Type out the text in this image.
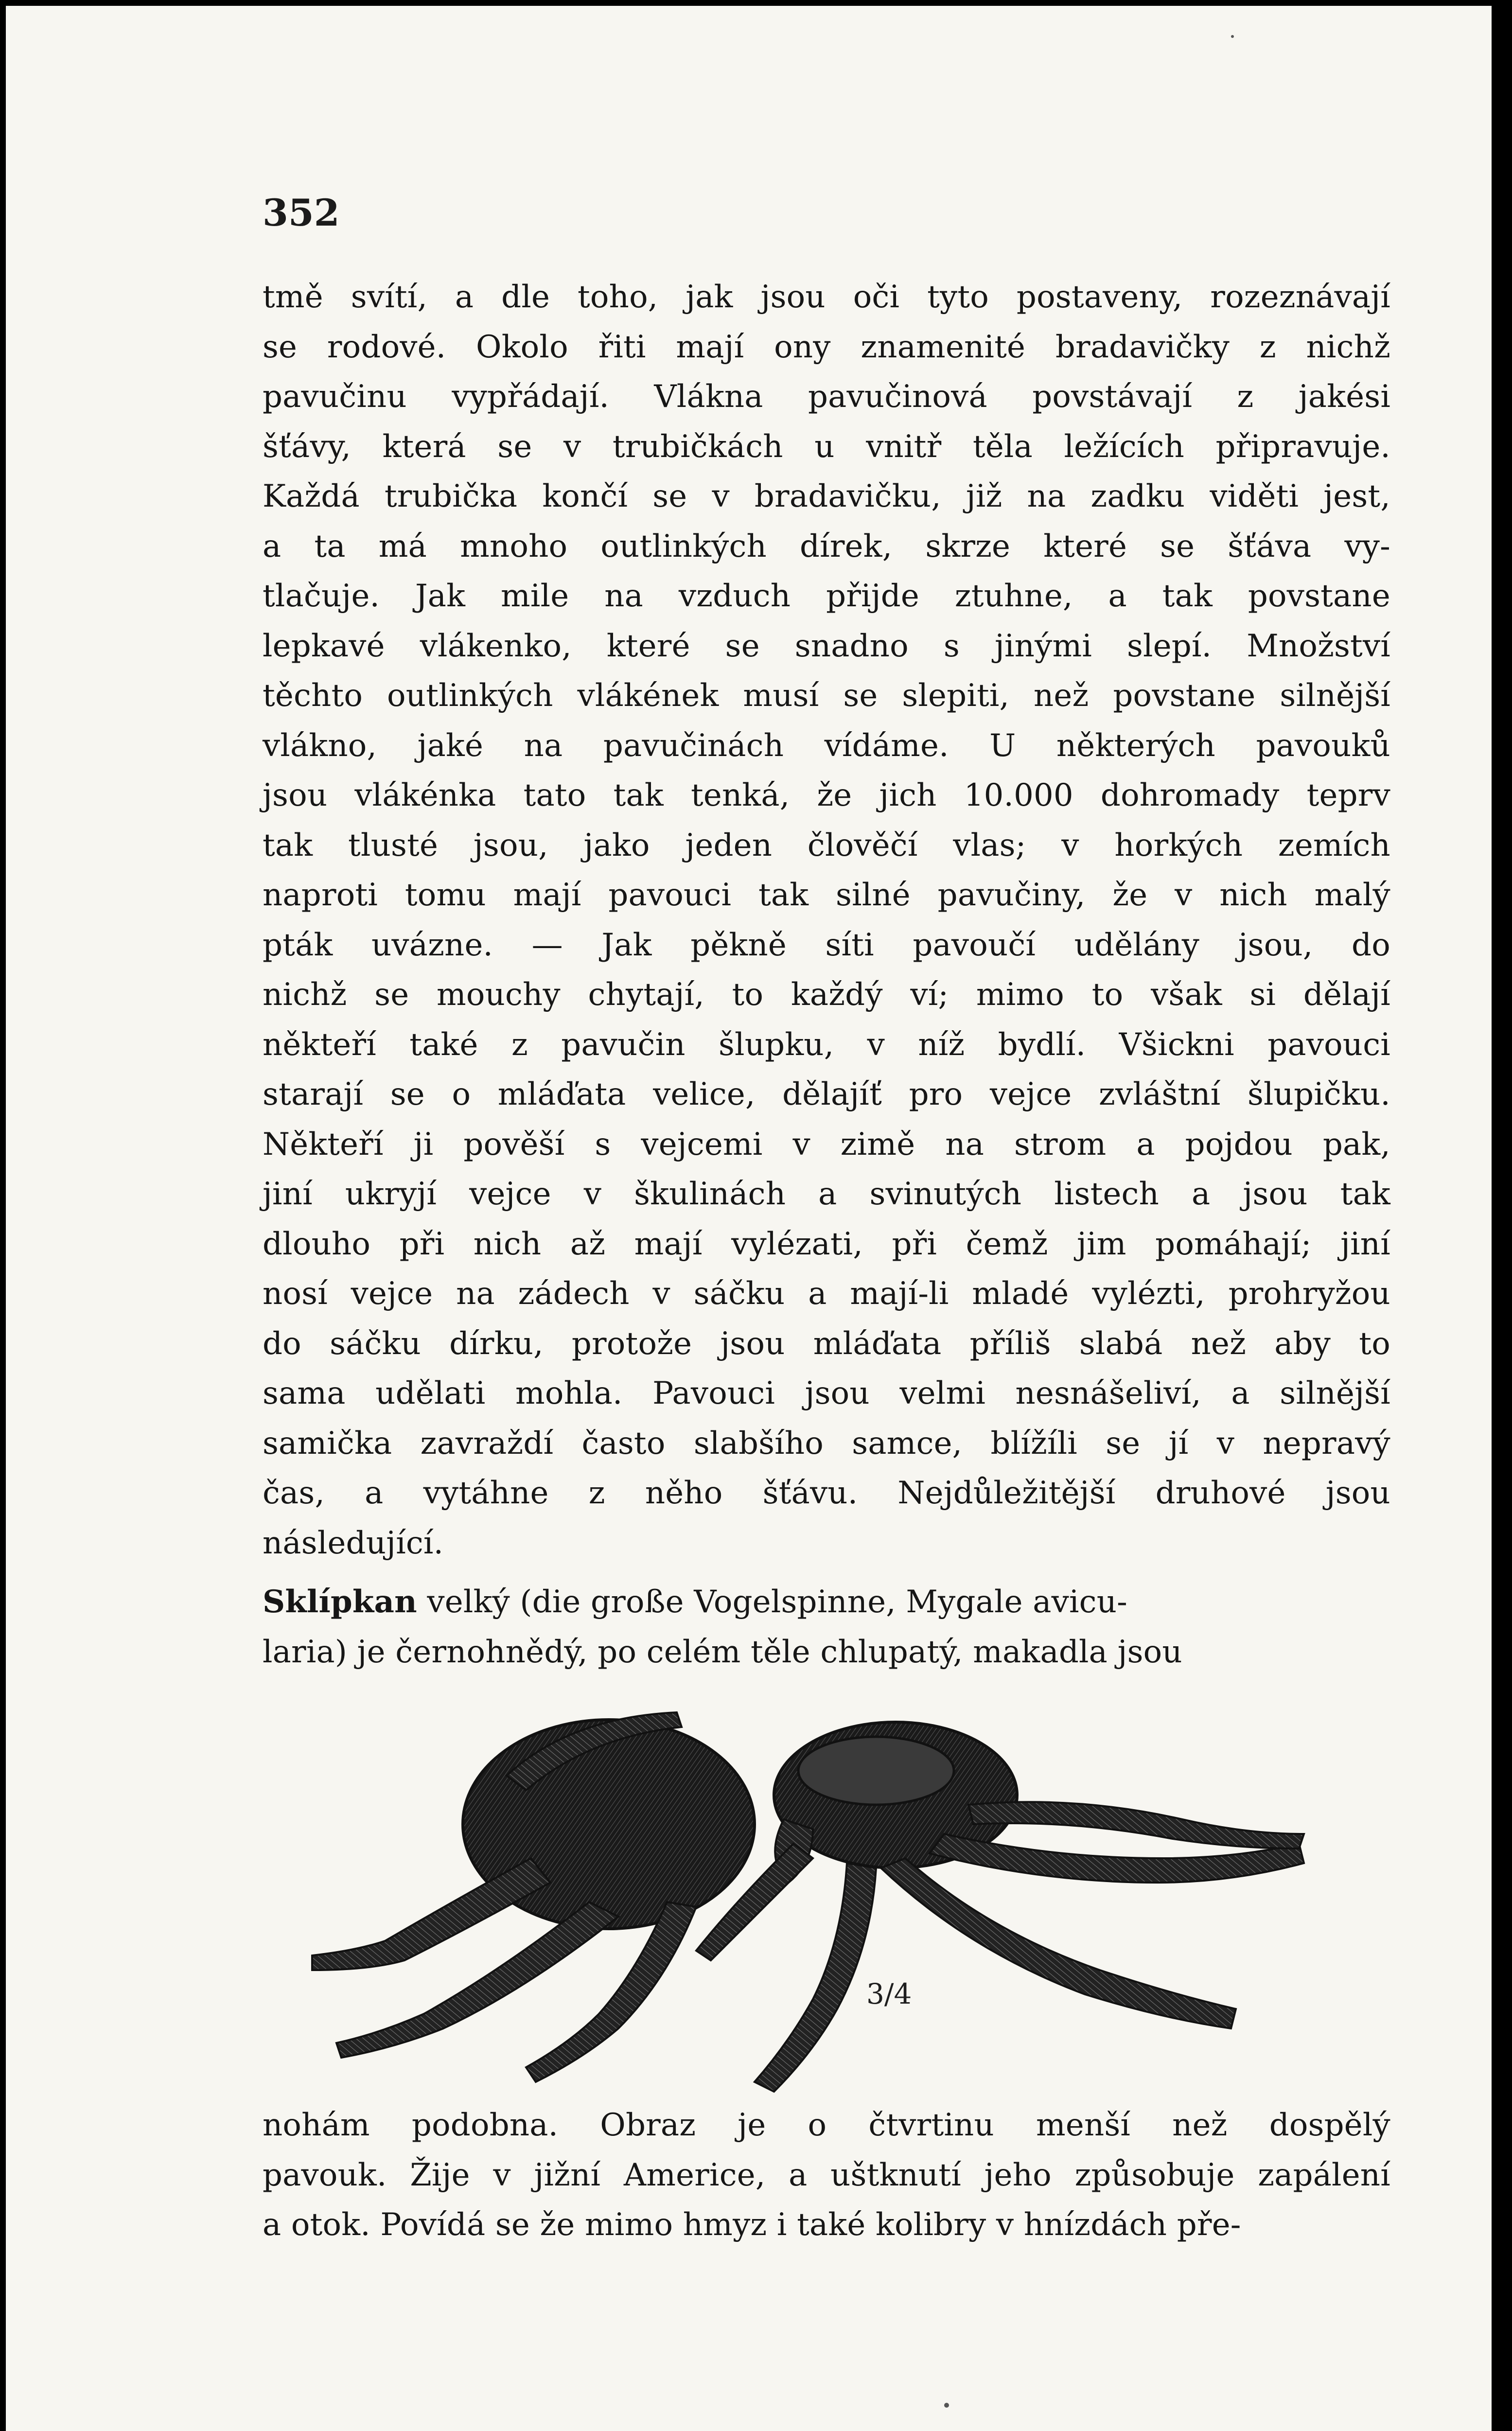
352
tmě svítí, a dle toho, jak jsou oči tyto postaveny, rozeznávají
se rodové. Okolo řiti mají ony znamenité bradavičky z nichž
pavučinu vypřádají. Vlákna pavučinová povstávají z jakési
šťávy, která se v trubičkách u vnitř těla ležících připravuje.
Každá trubička končí se v bradavičku, již na zadku viděti jest,
a ta má mnoho outlinkých dírek, skrze které se šťáva vy-
tlačuje. Jak mile na vzduch přijde ztuhne, a tak povstane
lepkavé vlákenko, které se snadno s jinými slepí. Množství
těchto outlinkých vlákének musí se slepiti, než povstane silnější
vlákno, jaké na pavučinách vídáme. U některých pavouků
jsou vlákénka tato tak tenká, že jich 10.000 dohromady teprv
tak tlusté jsou, jako jeden člověčí vlas; v horkých zemích
naproti tomu mají pavouci tak silné pavučiny, že v nich malý
pták uvázne. — Jak pěkně síti pavoučí udělány jsou, do
nichž se mouchy chytají, to každý ví; mimo to však si dělají
někteří také z pavučin šlupku, v níž bydlí. Všickni pavouci
starají se o mláďata velice, dělajíť pro vejce zvláštní šlupičku.
Někteří ji pověší s vejcemi v zimě na strom a pojdou pak,
jiní ukryjí vejce v škulinách a svinutých listech a jsou tak
dlouho při nich až mají vylézati, při čemž jim pomáhají; jiní
nosí vejce na zádech v sáčku a mají-li mladé vylézti, prohryžou
do sáčku dírku, protože jsou mláďata příliš slabá než aby to
sama udělati mohla. Pavouci jsou velmi nesnášeliví, a silnější
samička zavraždí často slabšího samce, blížíli se jí v nepravý
čas, a vytáhne z něho šťávu. Nejdůležitější druhové jsou
následující.
Sklípkan velký (die große Vogelspinne, Mygale avicu-
laria) je černohnědý, po celém těle chlupatý, makadla jsou
3/4
nohám podobna. Obraz je o čtvrtinu menší než dospělý
pavouk. Žije v jižní Americe, a uštknutí jeho způsobuje zapálení
a otok. Povídá se že mimo hmyz i také kolibry v hnízdách pře-
